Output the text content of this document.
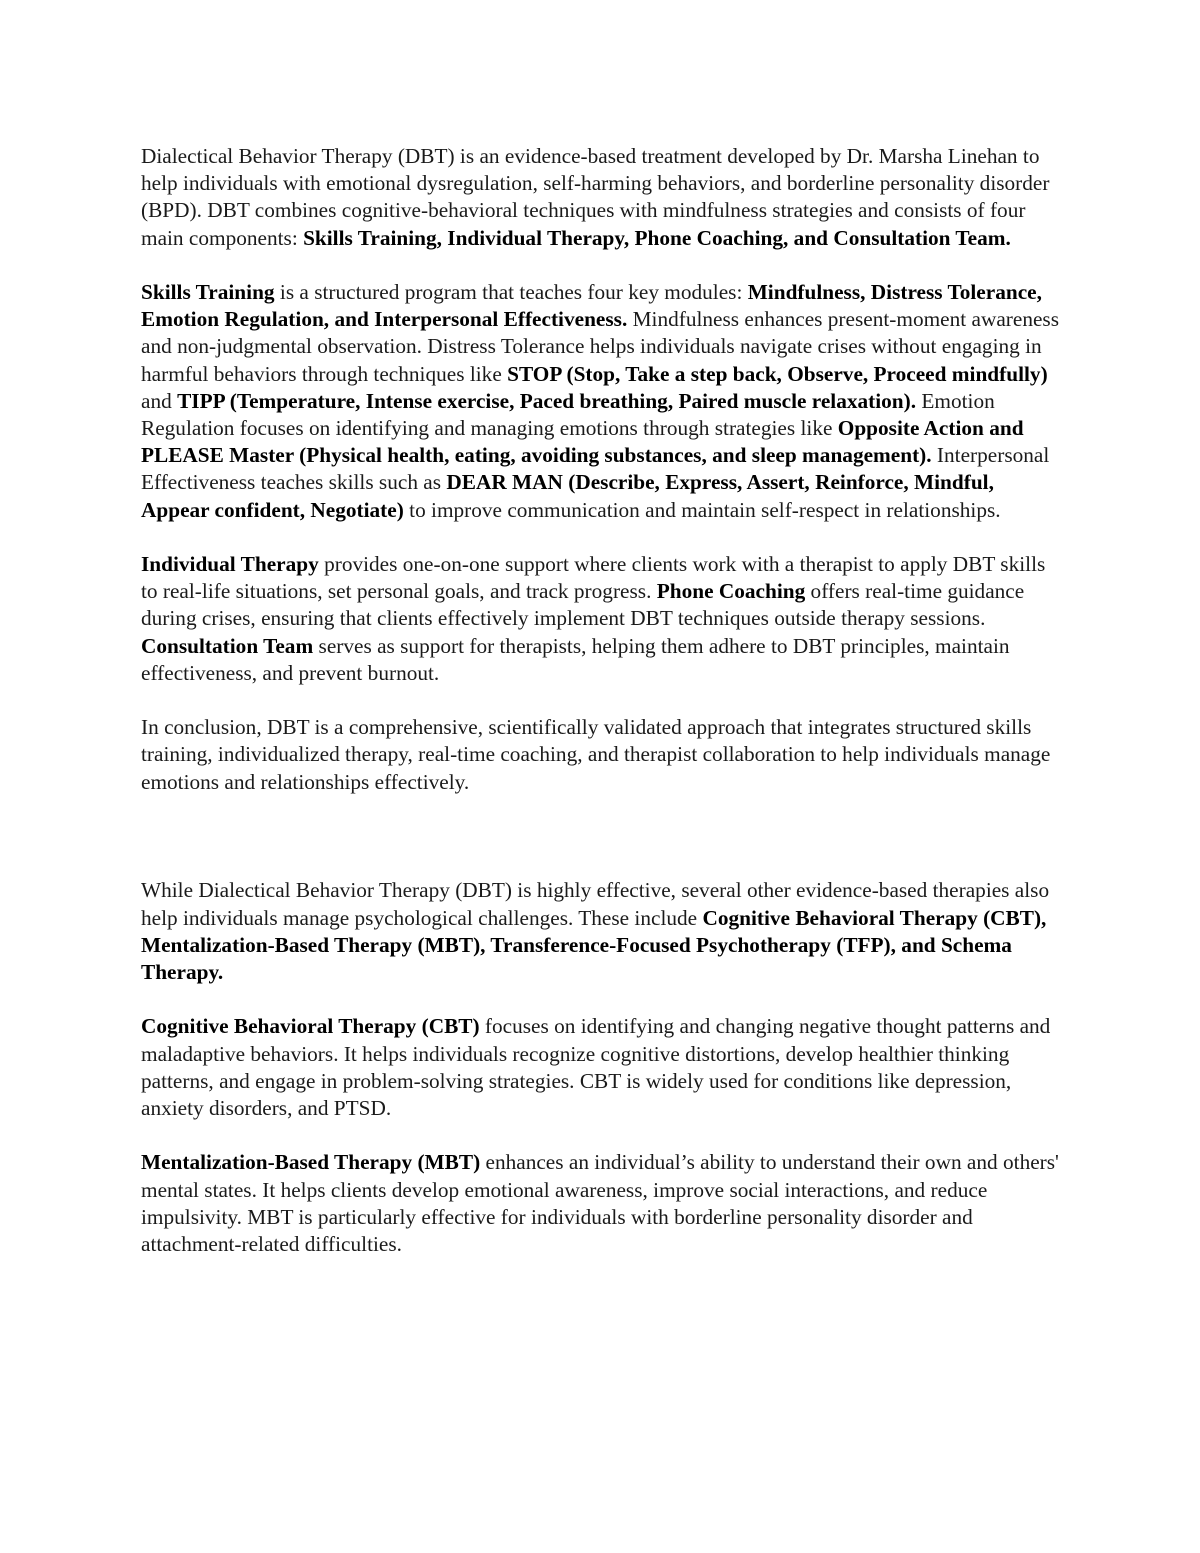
Dialectical Behavior Therapy (DBT) is an evidence-based treatment developed by Dr. Marsha Linehan to help individuals with emotional dysregulation, self-harming behaviors, and borderline personality disorder (BPD). DBT combines cognitive-behavioral techniques with mindfulness strategies and consists of four main components: Skills Training, Individual Therapy, Phone Coaching, and Consultation Team.

Skills Training is a structured program that teaches four key modules: Mindfulness, Distress Tolerance, Emotion Regulation, and Interpersonal Effectiveness. Mindfulness enhances present-moment awareness and non-judgmental observation. Distress Tolerance helps individuals navigate crises without engaging in harmful behaviors through techniques like STOP (Stop, Take a step back, Observe, Proceed mindfully) and TIPP (Temperature, Intense exercise, Paced breathing, Paired muscle relaxation). Emotion Regulation focuses on identifying and managing emotions through strategies like Opposite Action and PLEASE Master (Physical health, eating, avoiding substances, and sleep management). Interpersonal Effectiveness teaches skills such as DEAR MAN (Describe, Express, Assert, Reinforce, Mindful, Appear confident, Negotiate) to improve communication and maintain self-respect in relationships.

Individual Therapy provides one-on-one support where clients work with a therapist to apply DBT skills to real-life situations, set personal goals, and track progress. Phone Coaching offers real-time guidance during crises, ensuring that clients effectively implement DBT techniques outside therapy sessions. Consultation Team serves as support for therapists, helping them adhere to DBT principles, maintain effectiveness, and prevent burnout.

In conclusion, DBT is a comprehensive, scientifically validated approach that integrates structured skills training, individualized therapy, real-time coaching, and therapist collaboration to help individuals manage emotions and relationships effectively.

While Dialectical Behavior Therapy (DBT) is highly effective, several other evidence-based therapies also help individuals manage psychological challenges. These include Cognitive Behavioral Therapy (CBT), Mentalization-Based Therapy (MBT), Transference-Focused Psychotherapy (TFP), and Schema Therapy.

Cognitive Behavioral Therapy (CBT) focuses on identifying and changing negative thought patterns and maladaptive behaviors. It helps individuals recognize cognitive distortions, develop healthier thinking patterns, and engage in problem-solving strategies. CBT is widely used for conditions like depression, anxiety disorders, and PTSD.

Mentalization-Based Therapy (MBT) enhances an individual’s ability to understand their own and others' mental states. It helps clients develop emotional awareness, improve social interactions, and reduce impulsivity. MBT is particularly effective for individuals with borderline personality disorder and attachment-related difficulties.
